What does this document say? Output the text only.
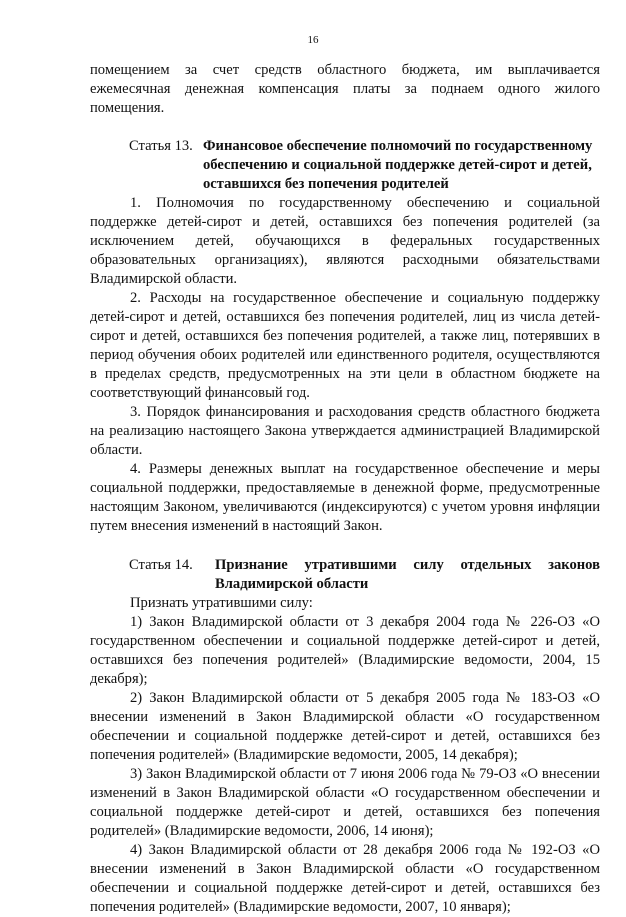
16

помещением за счет средств областного бюджета, им выплачивается ежемесячная денежная компенсация платы за поднаем одного жилого помещения.

Статья 13. Финансовое обеспечение полномочий по государственному обеспечению и социальной поддержке детей-сирот и детей, оставшихся без попечения родителей

1. Полномочия по государственному обеспечению и социальной поддержке детей-сирот и детей, оставшихся без попечения родителей (за исключением детей, обучающихся в федеральных государственных образовательных организациях), являются расходными обязательствами Владимирской области.

2. Расходы на государственное обеспечение и социальную поддержку детей-сирот и детей, оставшихся без попечения родителей, лиц из числа детей-сирот и детей, оставшихся без попечения родителей, а также лиц, потерявших в период обучения обоих родителей или единственного родителя, осуществляются в пределах средств, предусмотренных на эти цели в областном бюджете на соответствующий финансовый год.

3. Порядок финансирования и расходования средств областного бюджета на реализацию настоящего Закона утверждается администрацией Владимирской области.

4. Размеры денежных выплат на государственное обеспечение и меры социальной поддержки, предоставляемые в денежной форме, предусмотренные настоящим Законом, увеличиваются (индексируются) с учетом уровня инфляции путем внесения изменений в настоящий Закон.

Статья 14.	Признание утратившими силу отдельных законов Владимирской области

Признать утратившими силу:

1) Закон Владимирской области от 3 декабря 2004 года № 226-ОЗ «О государственном обеспечении и социальной поддержке детей-сирот и детей, оставшихся без попечения родителей» (Владимирские ведомости, 2004, 15 декабря);

2) Закон Владимирской области от 5 декабря 2005 года № 183-ОЗ «О внесении изменений в Закон Владимирской области «О государственном обеспечении и социальной поддержке детей-сирот и детей, оставшихся без попечения родителей» (Владимирские ведомости, 2005, 14 декабря);

3) Закон Владимирской области от 7 июня 2006 года № 79-ОЗ «О внесении изменений в Закон Владимирской области «О государственном обеспечении и социальной поддержке детей-сирот и детей, оставшихся без попечения родителей» (Владимирские ведомости, 2006, 14 июня);

4) Закон Владимирской области от 28 декабря 2006 года № 192-ОЗ «О внесении изменений в Закон Владимирской области «О государственном обеспечении и социальной поддержке детей-сирот и детей, оставшихся без попечения родителей» (Владимирские ведомости, 2007, 10 января);
